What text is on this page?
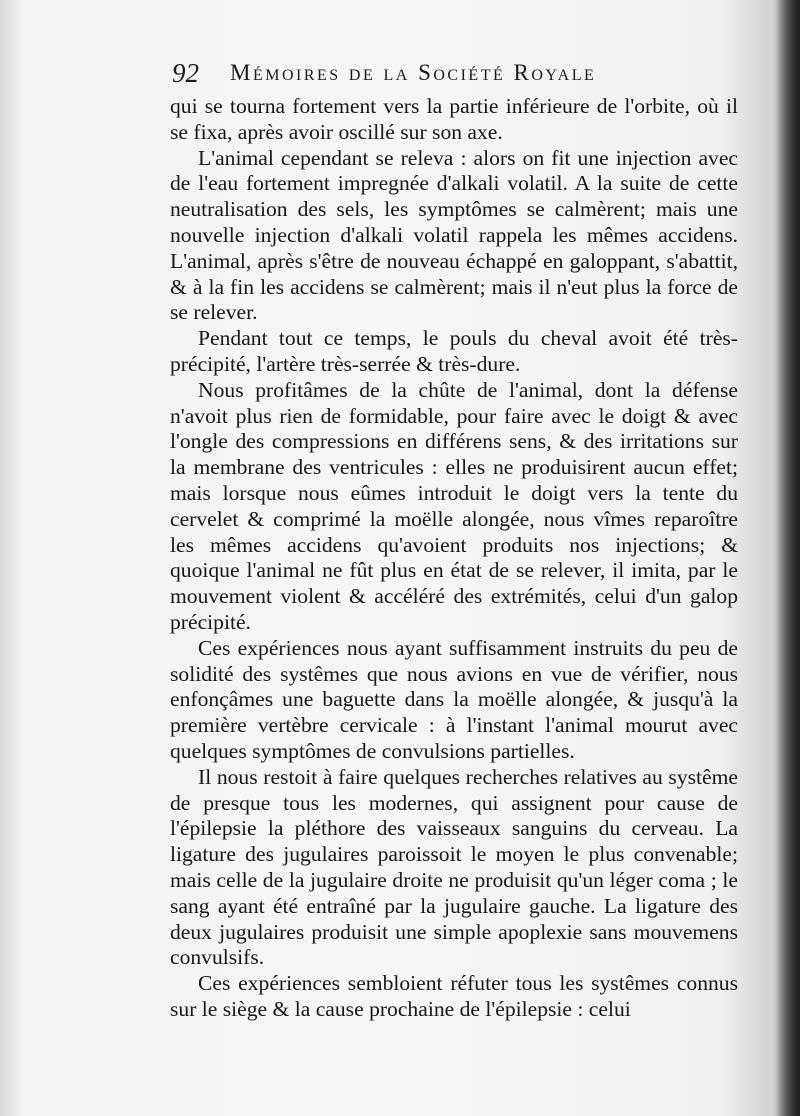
92 Mémoires de la Société Royale

qui se tourna fortement vers la partie inférieure de l'orbite, où il se fixa, après avoir oscillé sur son axe.

L'animal cependant se releva : alors on fit une injection avec de l'eau fortement impregnée d'alkali volatil. A la suite de cette neutralisation des sels, les symptômes se calmèrent; mais une nouvelle injection d'alkali volatil rappela les mêmes accidens. L'animal, après s'être de nouveau échappé en galoppant, s'abattit, & à la fin les accidens se calmèrent; mais il n'eut plus la force de se relever.

Pendant tout ce temps, le pouls du cheval avoit été très-précipité, l'artère très-serrée & très-dure.

Nous profitâmes de la chûte de l'animal, dont la défense n'avoit plus rien de formidable, pour faire avec le doigt & avec l'ongle des compressions en différens sens, & des irritations sur la membrane des ventricules : elles ne produisirent aucun effet; mais lorsque nous eûmes introduit le doigt vers la tente du cervelet & comprimé la moëlle alongée, nous vîmes reparoître les mêmes accidens qu'avoient produits nos injections; & quoique l'animal ne fût plus en état de se relever, il imita, par le mouvement violent & accéléré des extrémités, celui d'un galop précipité.

Ces expériences nous ayant suffisamment instruits du peu de solidité des systêmes que nous avions en vue de vérifier, nous enfonçâmes une baguette dans la moëlle alongée, & jusqu'à la première vertèbre cervicale : à l'instant l'animal mourut avec quelques symptômes de convulsions partielles.

Il nous restoit à faire quelques recherches relatives au systême de presque tous les modernes, qui assignent pour cause de l'épilepsie la pléthore des vaisseaux sanguins du cerveau. La ligature des jugulaires paroissoit le moyen le plus convenable; mais celle de la jugulaire droite ne produisit qu'un léger coma ; le sang ayant été entraîné par la jugulaire gauche. La ligature des deux jugulaires produisit une simple apoplexie sans mouvemens convulsifs.

Ces expériences sembloient réfuter tous les systêmes connus sur le siège & la cause prochaine de l'épilepsie : celui
